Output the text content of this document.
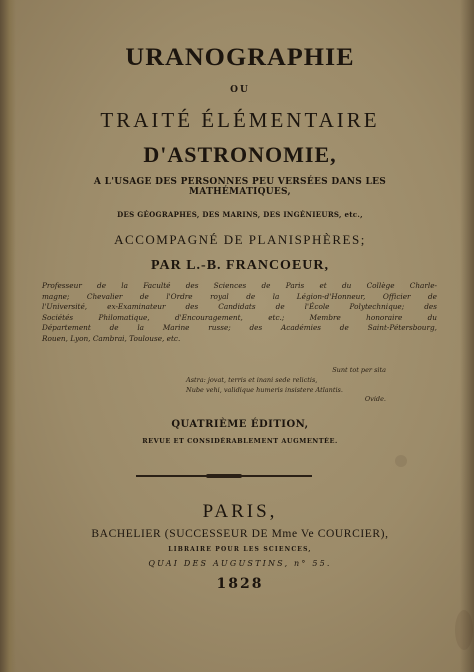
URANOGRAPHIE
OU
TRAITÉ ÉLÉMENTAIRE
D'ASTRONOMIE,
A L'USAGE DES PERSONNES PEU VERSÉES DANS LES
MATHÉMATIQUES,
DES GÉOGRAPHES, DES MARINS, DES INGÉNIEURS, etc.,
ACCOMPAGNÉ DE PLANISPHÈRES;
PAR L.-B. FRANCOEUR,
Professeur de la Faculté des Sciences de Paris et du Collège Charle-
magne; Chevalier de l'Ordre royal de la Légion-d'Honneur, Officier de
l'Université, ex-Examinateur des Candidats de l'École Polytechnique; des
Sociétés Philomatique, d'Encouragement, etc.; Membre honoraire du
Département de la Marine russe; des Académies de Saint-Pétersbourg,
Rouen, Lyon, Cambrai, Toulouse, etc.
Sunt tot per sita
Astra: jovat, terris et inani sede relictis,
Nube vehi, validique humeris insistere Atlantis.
Ovide.
QUATRIÈME ÉDITION,
REVUE ET CONSIDÉRABLEMENT AUGMENTÉE.
PARIS,
BACHELIER (SUCCESSEUR DE Mme Ve COURCIER),
LIBRAIRE POUR LES SCIENCES,
QUAI DES AUGUSTINS, n° 55.
1828
